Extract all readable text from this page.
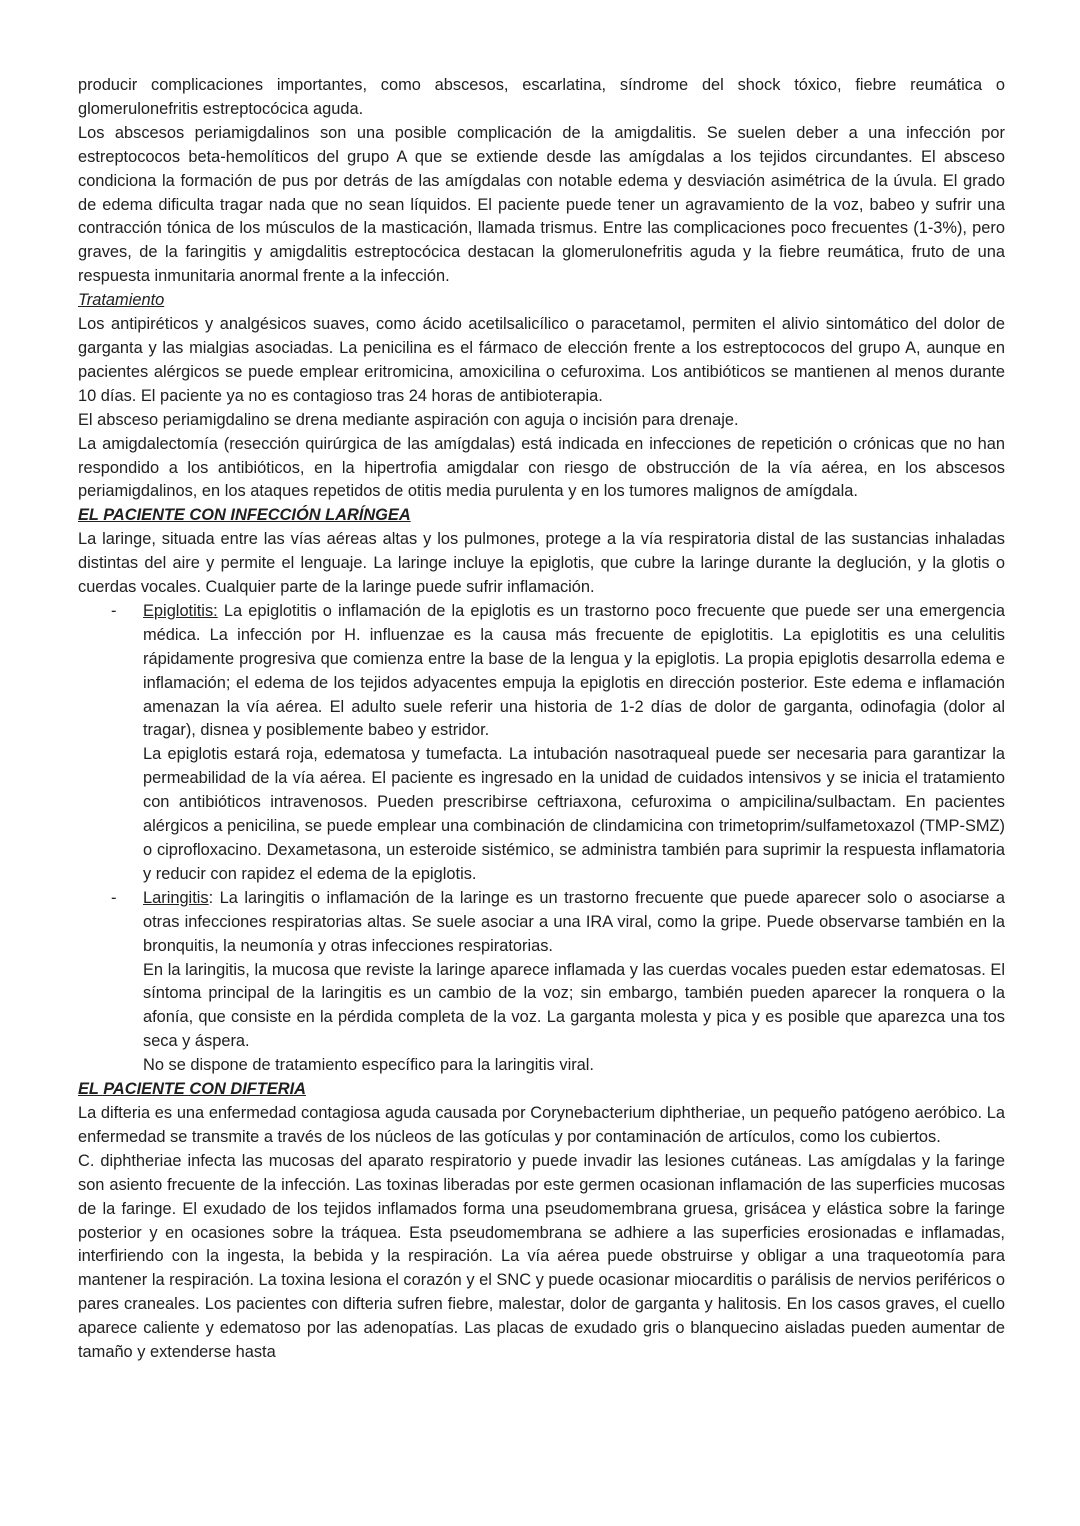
producir complicaciones importantes, como abscesos, escarlatina, síndrome del shock tóxico, fiebre reumática o glomerulonefritis estreptocócica aguda.

Los abscesos periamigdalinos son una posible complicación de la amigdalitis. Se suelen deber a una infección por estreptococos beta-hemolíticos del grupo A que se extiende desde las amígdalas a los tejidos circundantes. El absceso condiciona la formación de pus por detrás de las amígdalas con notable edema y desviación asimétrica de la úvula. El grado de edema dificulta tragar nada que no sean líquidos. El paciente puede tener un agravamiento de la voz, babeo y sufrir una contracción tónica de los músculos de la masticación, llamada trismus. Entre las complicaciones poco frecuentes (1-3%), pero graves, de la faringitis y amigdalitis estreptocócica destacan la glomerulonefritis aguda y la fiebre reumática, fruto de una respuesta inmunitaria anormal frente a la infección.

Tratamiento

Los antipiréticos y analgésicos suaves, como ácido acetilsalicílico o paracetamol, permiten el alivio sintomático del dolor de garganta y las mialgias asociadas. La penicilina es el fármaco de elección frente a los estreptococos del grupo A, aunque en pacientes alérgicos se puede emplear eritromicina, amoxicilina o cefuroxima. Los antibióticos se mantienen al menos durante 10 días. El paciente ya no es contagioso tras 24 horas de antibioterapia.

El absceso periamigdalino se drena mediante aspiración con aguja o incisión para drenaje.

La amigdalectomía (resección quirúrgica de las amígdalas) está indicada en infecciones de repetición o crónicas que no han respondido a los antibióticos, en la hipertrofia amigdalar con riesgo de obstrucción de la vía aérea, en los abscesos periamigdalinos, en los ataques repetidos de otitis media purulenta y en los tumores malignos de amígdala.

EL PACIENTE CON INFECCIÓN LARÍNGEA

La laringe, situada entre las vías aéreas altas y los pulmones, protege a la vía respiratoria distal de las sustancias inhaladas distintas del aire y permite el lenguaje. La laringe incluye la epiglotis, que cubre la laringe durante la deglución, y la glotis o cuerdas vocales. Cualquier parte de la laringe puede sufrir inflamación.

- Epiglotitis: La epiglotitis o inflamación de la epiglotis es un trastorno poco frecuente que puede ser una emergencia médica. La infección por H. influenzae es la causa más frecuente de epiglotitis. La epiglotitis es una celulitis rápidamente progresiva que comienza entre la base de la lengua y la epiglotis. La propia epiglotis desarrolla edema e inflamación; el edema de los tejidos adyacentes empuja la epiglotis en dirección posterior. Este edema e inflamación amenazan la vía aérea. El adulto suele referir una historia de 1-2 días de dolor de garganta, odinofagia (dolor al tragar), disnea y posiblemente babeo y estridor.

La epiglotis estará roja, edematosa y tumefacta. La intubación nasotraqueal puede ser necesaria para garantizar la permeabilidad de la vía aérea. El paciente es ingresado en la unidad de cuidados intensivos y se inicia el tratamiento con antibióticos intravenosos. Pueden prescribirse ceftriaxona, cefuroxima o ampicilina/sulbactam. En pacientes alérgicos a penicilina, se puede emplear una combinación de clindamicina con trimetoprim/sulfametoxazol (TMP-SMZ) o ciprofloxacino. Dexametasona, un esteroide sistémico, se administra también para suprimir la respuesta inflamatoria y reducir con rapidez el edema de la epiglotis.

- Laringitis: La laringitis o inflamación de la laringe es un trastorno frecuente que puede aparecer solo o asociarse a otras infecciones respiratorias altas. Se suele asociar a una IRA viral, como la gripe. Puede observarse también en la bronquitis, la neumonía y otras infecciones respiratorias.

En la laringitis, la mucosa que reviste la laringe aparece inflamada y las cuerdas vocales pueden estar edematosas. El síntoma principal de la laringitis es un cambio de la voz; sin embargo, también pueden aparecer la ronquera o la afonía, que consiste en la pérdida completa de la voz. La garganta molesta y pica y es posible que aparezca una tos seca y áspera.

No se dispone de tratamiento específico para la laringitis viral.

EL PACIENTE CON DIFTERIA

La difteria es una enfermedad contagiosa aguda causada por Corynebacterium diphtheriae, un pequeño patógeno aeróbico. La enfermedad se transmite a través de los núcleos de las gotículas y por contaminación de artículos, como los cubiertos.

C. diphtheriae infecta las mucosas del aparato respiratorio y puede invadir las lesiones cutáneas. Las amígdalas y la faringe son asiento frecuente de la infección. Las toxinas liberadas por este germen ocasionan inflamación de las superficies mucosas de la faringe. El exudado de los tejidos inflamados forma una pseudomembrana gruesa, grisácea y elástica sobre la faringe posterior y en ocasiones sobre la tráquea. Esta pseudomembrana se adhiere a las superficies erosionadas e inflamadas, interfiriendo con la ingesta, la bebida y la respiración. La vía aérea puede obstruirse y obligar a una traqueotomía para mantener la respiración. La toxina lesiona el corazón y el SNC y puede ocasionar miocarditis o parálisis de nervios periféricos o pares craneales. Los pacientes con difteria sufren fiebre, malestar, dolor de garganta y halitosis. En los casos graves, el cuello aparece caliente y edematoso por las adenopatías. Las placas de exudado gris o blanquecino aisladas pueden aumentar de tamaño y extenderse hasta
